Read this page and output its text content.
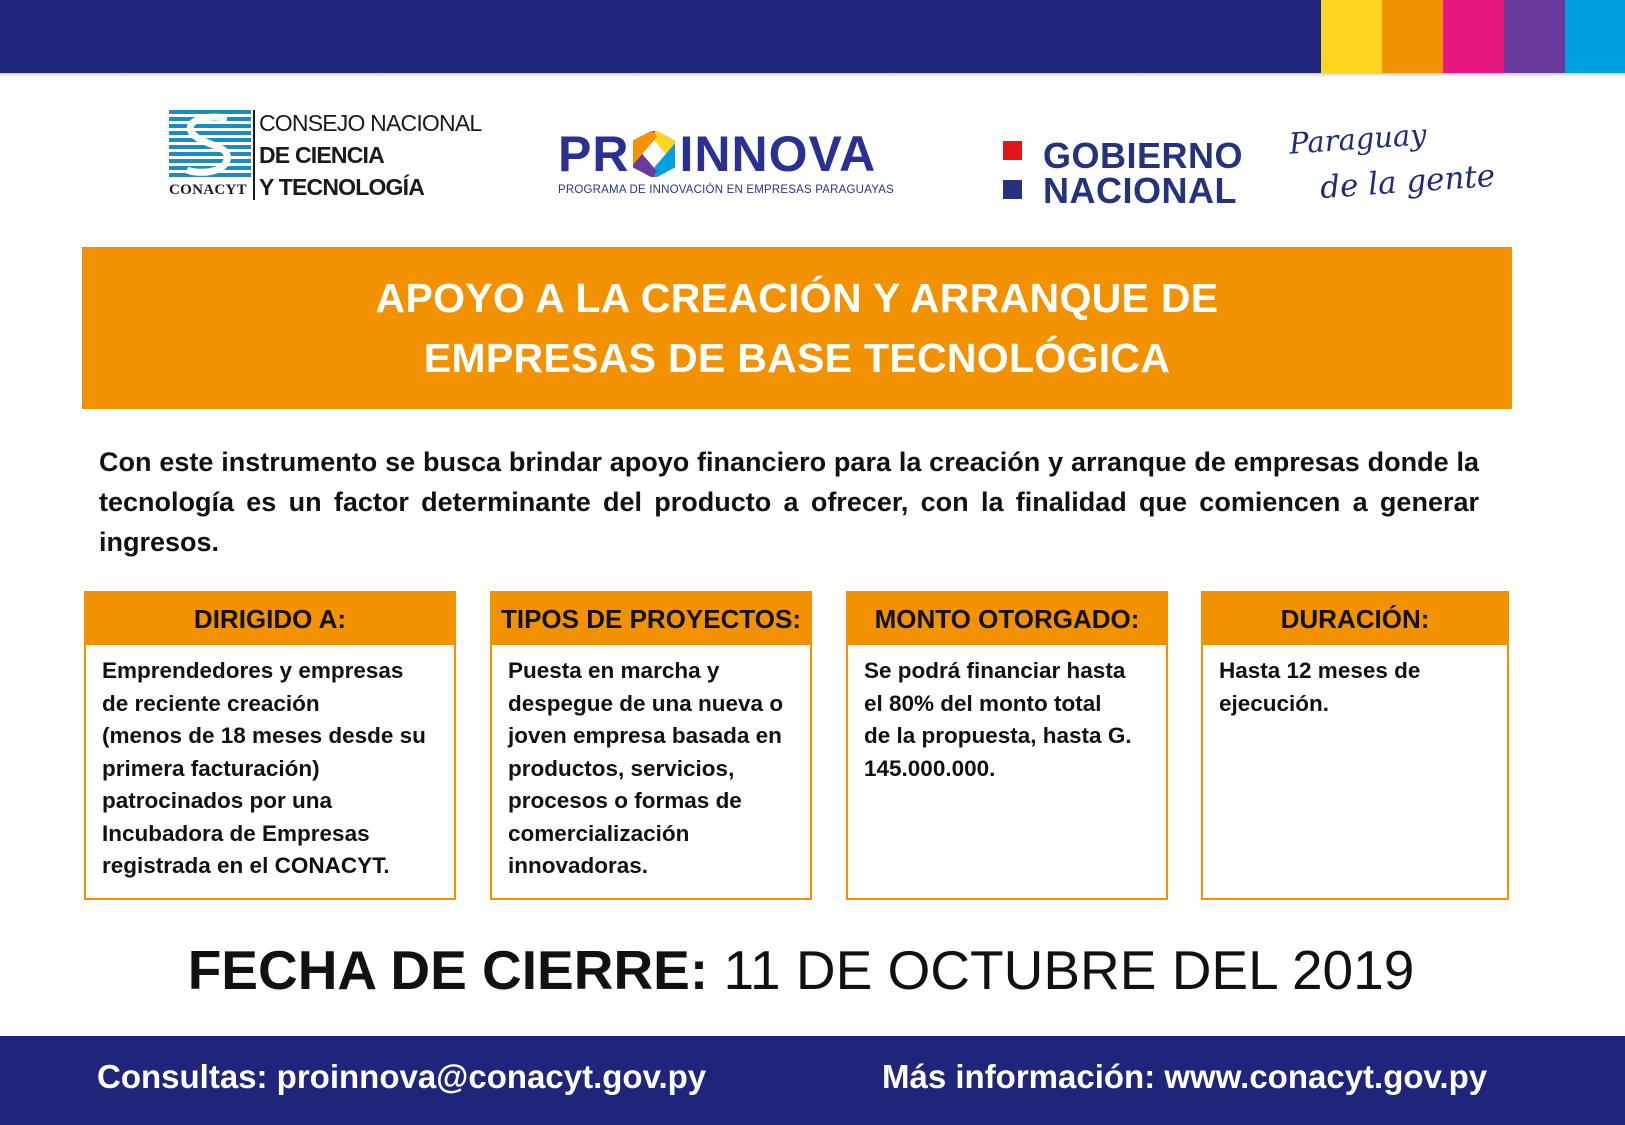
CONACYT
CONSEJO NACIONAL
DE CIENCIA
Y TECNOLOGÍA
PR INNOVA
PROGRAMA DE INNOVACIÓN EN EMPRESAS PARAGUAYAS
GOBIERNO
NACIONAL
Paraguay
de la gente
APOYO A LA CREACIÓN Y ARRANQUE DE
EMPRESAS DE BASE TECNOLÓGICA

Con este instrumento se busca brindar apoyo financiero para la creación y arranque de empresas donde la tecnología es un factor determinante del producto a ofrecer, con la finalidad que comiencen a generar ingresos.

DIRIGIDO A:
Emprendedores y empresas
de reciente creación
(menos de 18 meses desde su
primera facturación)
patrocinados por una
Incubadora de Empresas
registrada en el CONACYT.
TIPOS DE PROYECTOS:
Puesta en marcha y
despegue de una nueva o
joven empresa basada en
productos, servicios,
procesos o formas de
comercialización
innovadoras.
MONTO OTORGADO:
Se podrá financiar hasta
el 80% del monto total
de la propuesta, hasta G.
145.000.000.
DURACIÓN:
Hasta 12 meses de
ejecución.
FECHA DE CIERRE: 11 DE OCTUBRE DEL 2019
Consultas: proinnova@conacyt.gov.py	Más información: www.conacyt.gov.py
